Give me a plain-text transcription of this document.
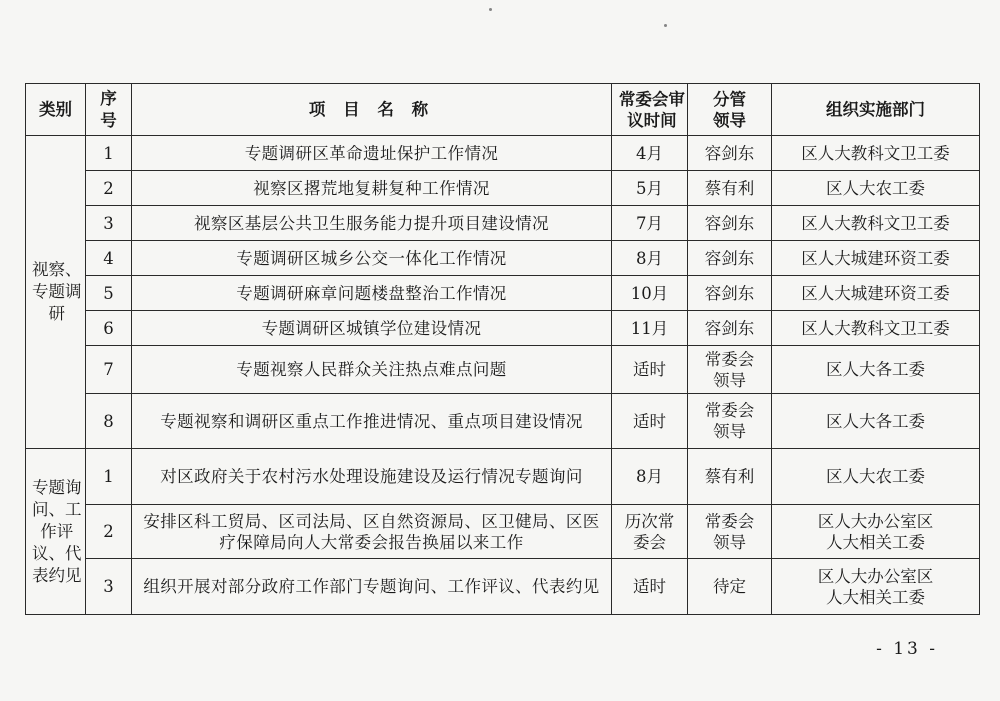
类别	序号	项 目 名 称	常委会审议时间	分管领导	组织实施部门
视察、专题调研	1	专题调研区革命遗址保护工作情况	4月	容剑东	区人大教科文卫工委
	2	视察区撂荒地复耕复种工作情况	5月	蔡有利	区人大农工委
	3	视察区基层公共卫生服务能力提升项目建设情况	7月	容剑东	区人大教科文卫工委
	4	专题调研区城乡公交一体化工作情况	8月	容剑东	区人大城建环资工委
	5	专题调研麻章问题楼盘整治工作情况	10月	容剑东	区人大城建环资工委
	6	专题调研区城镇学位建设情况	11月	容剑东	区人大教科文卫工委
	7	专题视察人民群众关注热点难点问题	适时	常委会领导	区人大各工委
	8	专题视察和调研区重点工作推进情况、重点项目建设情况	适时	常委会领导	区人大各工委
专题询问、工作评议、代表约见	1	对区政府关于农村污水处理设施建设及运行情况专题询问	8月	蔡有利	区人大农工委
	2	安排区科工贸局、区司法局、区自然资源局、区卫健局、区医疗保障局向人大常委会报告换届以来工作	历次常委会	常委会领导	区人大办公室区人大相关工委
	3	组织开展对部分政府工作部门专题询问、工作评议、代表约见	适时	待定	区人大办公室区人大相关工委
- 13 -
